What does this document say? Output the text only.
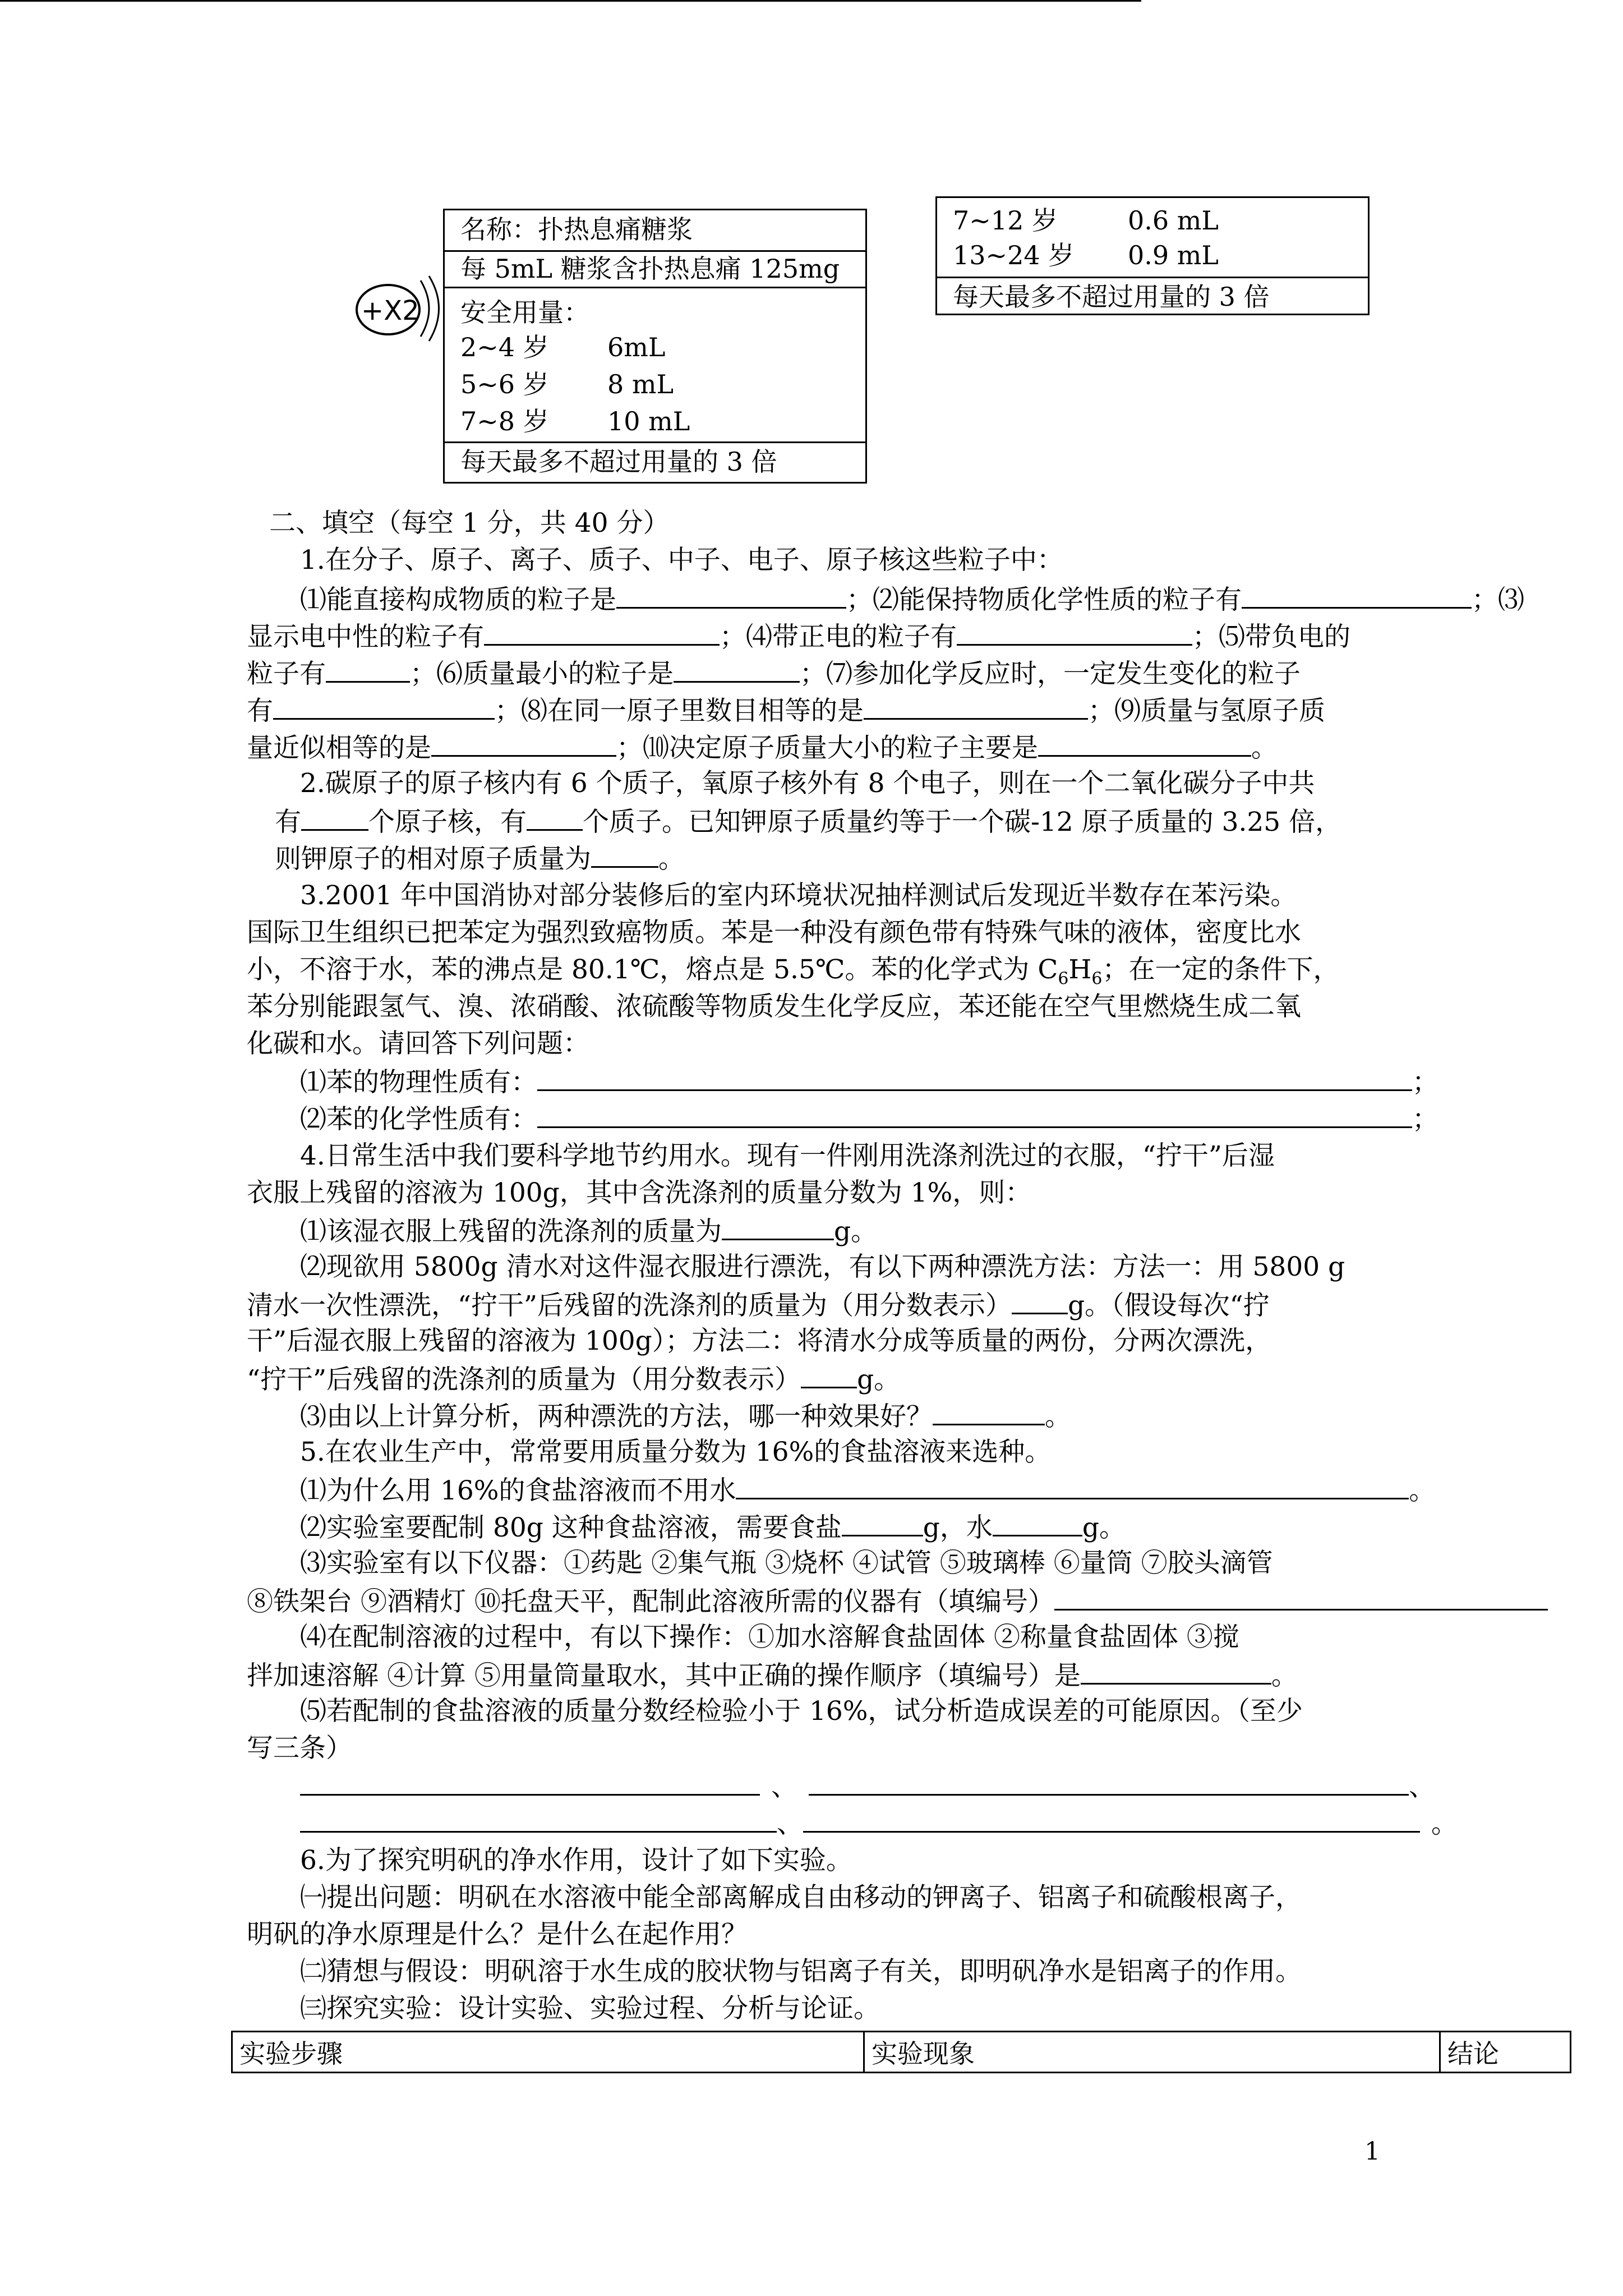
+X2
名称：扑热息痛糖浆
每 5mL 糖浆含扑热息痛 125mg
安全用量：
2~4 岁 6mL
5~6 岁 8 mL
7~8 岁 10 mL
每天最多不超过用量的 3 倍
7~12 岁	0.6 mL
13~24 岁 0.9 mL
每天最多不超过用量的 3 倍
二、填空（每空 1 分，共 40 分）
1.在分子、原子、离子、质子、中子、电子、原子核这些粒子中：
⑴能直接构成物质的粒子是	；⑵能保持物质化学性质的粒子有	；⑶
显示电中性的粒子有	；⑷带正电的粒子有	；⑸带负电的
粒子有	；⑹质量最小的粒子是	；⑺参加化学反应时，一定发生变化的粒子
有	；⑻在同一原子里数目相等的是	；⑼质量与氢原子质
量近似相等的是	；⑽决定原子质量大小的粒子主要是	。
2.碳原子的原子核内有 6 个质子，氧原子核外有 8 个电子，则在一个二氧化碳分子中共
有	个原子核，有 个质子。已知钾原子质量约等于一个碳-12 原子质量的 3.25 倍，
则钾原子的相对原子质量为	。
3.2001 年中国消协对部分装修后的室内环境状况抽样测试后发现近半数存在苯污染。
国际卫生组织已把苯定为强烈致癌物质。苯是一种没有颜色带有特殊气味的液体，密度比水
小，不溶于水，苯的沸点是 80.1℃，熔点是 5.5℃。苯的化学式为 $C_6H_6$；在一定的条件下，
苯分别能跟氢气、溴、浓硝酸、浓硫酸等物质发生化学反应，苯还能在空气里燃烧生成二氧
化碳和水。请回答下列问题：
⑴苯的物理性质有：	；
⑵苯的化学性质有：	；
4.日常生活中我们要科学地节约用水。现有一件刚用洗涤剂洗过的衣服，“拧干”后湿
衣服上残留的溶液为 100g，其中含洗涤剂的质量分数为 1%，则：
⑴该湿衣服上残留的洗涤剂的质量为	g。
⑵现欲用 5800g 清水对这件湿衣服进行漂洗，有以下两种漂洗方法：方法一：用 5800 g
清水一次性漂洗，“拧干”后残留的洗涤剂的质量为（用分数表示） g。（假设每次“拧
干”后湿衣服上残留的溶液为 100g）；方法二：将清水分成等质量的两份，分两次漂洗，
“拧干”后残留的洗涤剂的质量为（用分数表示） g。
⑶由以上计算分析，两种漂洗的方法，哪一种效果好？	。
5.在农业生产中，常常要用质量分数为 16%的食盐溶液来选种。
⑴为什么用 16%的食盐溶液而不用水	。
⑵实验室要配制 80g 这种食盐溶液，需要食盐	g，水	g。
⑶实验室有以下仪器：①药匙 ②集气瓶 ③烧杯 ④试管 ⑤玻璃棒 ⑥量筒 ⑦胶头滴管
⑧铁架台 ⑨酒精灯 ⑩托盘天平，配制此溶液所需的仪器有（填编号）
⑷在配制溶液的过程中，有以下操作：①加水溶解食盐固体 ②称量食盐固体 ③搅
拌加速溶解 ④计算 ⑤用量筒量取水，其中正确的操作顺序（填编号）是	。
⑸若配制的食盐溶液的质量分数经检验小于 16%，试分析造成误差的可能原因。（至少
写三条）
、	、
、	。
6.为了探究明矾的净水作用，设计了如下实验。
㈠提出问题：明矾在水溶液中能全部离解成自由移动的钾离子、铝离子和硫酸根离子，
明矾的净水原理是什么？是什么在起作用？
㈡猜想与假设：明矾溶于水生成的胶状物与铝离子有关，即明矾净水是铝离子的作用。
㈢探究实验：设计实验、实验过程、分析与论证。
实验步骤	实验现象	结论
1
